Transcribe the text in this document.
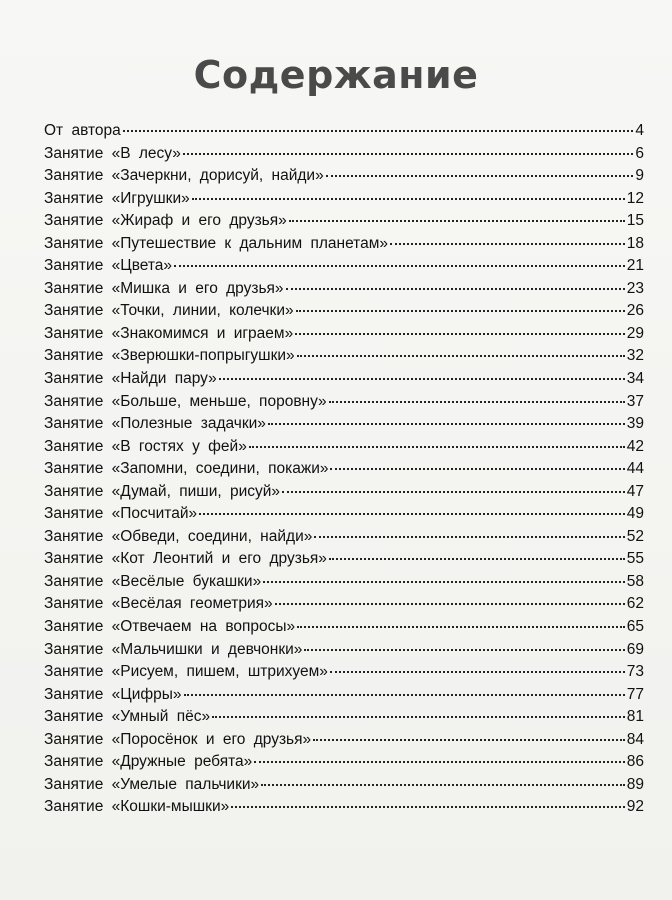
Содержание
От автора	4
Занятие «В лесу»	6
Занятие «Зачеркни, дорисуй, найди»	9
Занятие «Игрушки»	12
Занятие «Жираф и его друзья»	15
Занятие «Путешествие к дальним планетам»	18
Занятие «Цвета»	21
Занятие «Мишка и его друзья»	23
Занятие «Точки, линии, колечки»	26
Занятие «Знакомимся и играем»	29
Занятие «Зверюшки-попрыгушки»	32
Занятие «Найди пару»	34
Занятие «Больше, меньше, поровну»	37
Занятие «Полезные задачки»	39
Занятие «В гостях у фей»	42
Занятие «Запомни, соедини, покажи»	44
Занятие «Думай, пиши, рисуй»	47
Занятие «Посчитай»	49
Занятие «Обведи, соедини, найди»	52
Занятие «Кот Леонтий и его друзья»	55
Занятие «Весёлые букашки»	58
Занятие «Весёлая геометрия»	62
Занятие «Отвечаем на вопросы»	65
Занятие «Мальчишки и девчонки»	69
Занятие «Рисуем, пишем, штрихуем»	73
Занятие «Цифры»	77
Занятие «Умный пёс»	81
Занятие «Поросёнок и его друзья»	84
Занятие «Дружные ребята»	86
Занятие «Умелые пальчики»	89
Занятие «Кошки-мышки»	92
